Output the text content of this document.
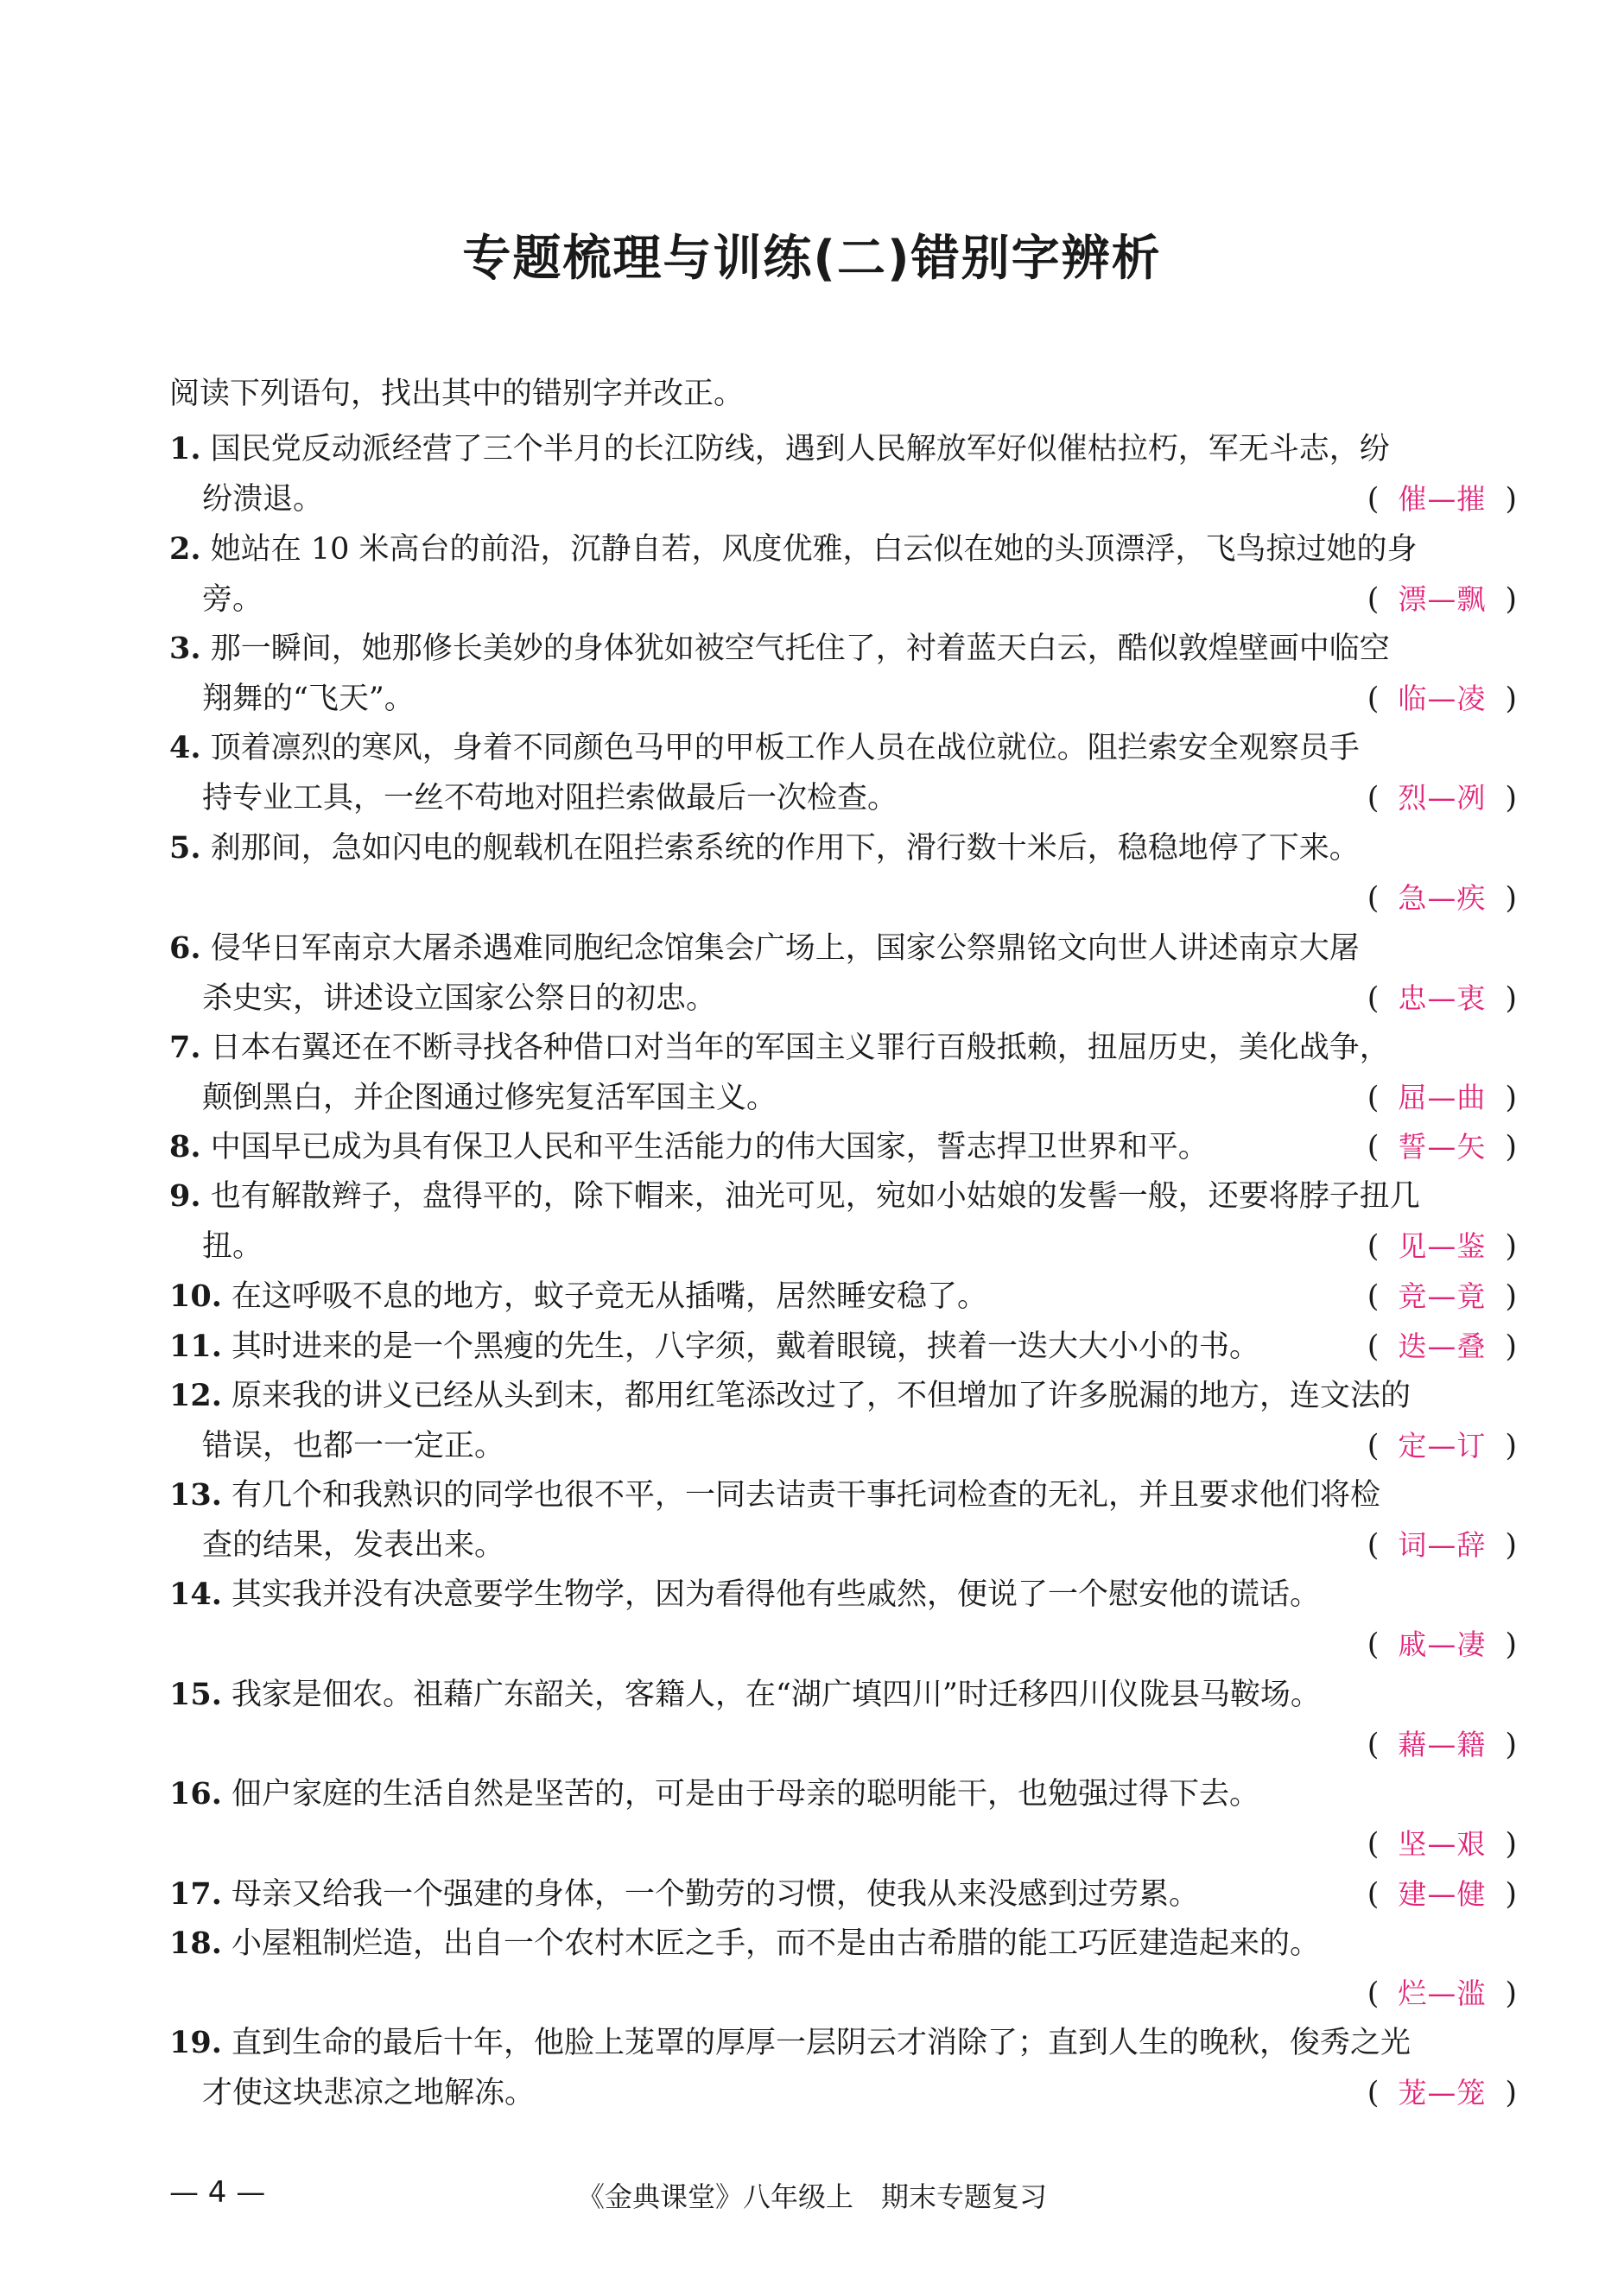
专题梳理与训练(二)错别字辨析
阅读下列语句，找出其中的错别字并改正。
1. 国民党反动派经营了三个半月的长江防线，遇到人民解放军好似催枯拉朽，军无斗志，纷
纷溃退。	( 催—摧 )
2. 她站在 10 米高台的前沿，沉静自若，风度优雅，白云似在她的头顶漂浮，飞鸟掠过她的身
旁。	( 漂—飘 )
3. 那一瞬间，她那修长美妙的身体犹如被空气托住了，衬着蓝天白云，酷似敦煌壁画中临空
翔舞的“飞天”。	( 临—凌 )
4. 顶着凛烈的寒风，身着不同颜色马甲的甲板工作人员在战位就位。阻拦索安全观察员手
持专业工具，一丝不苟地对阻拦索做最后一次检查。	( 烈—冽 )
5. 刹那间，急如闪电的舰载机在阻拦索系统的作用下，滑行数十米后，稳稳地停了下来。
( 急—疾 )
6. 侵华日军南京大屠杀遇难同胞纪念馆集会广场上，国家公祭鼎铭文向世人讲述南京大屠
杀史实，讲述设立国家公祭日的初忠。	( 忠—衷 )
7. 日本右翼还在不断寻找各种借口对当年的军国主义罪行百般抵赖，扭屈历史，美化战争，
颠倒黑白，并企图通过修宪复活军国主义。	( 屈—曲 )
8. 中国早已成为具有保卫人民和平生活能力的伟大国家，誓志捍卫世界和平。	( 誓—矢 )
9. 也有解散辫子，盘得平的，除下帽来，油光可见，宛如小姑娘的发髻一般，还要将脖子扭几
扭。	( 见—鉴 )
10. 在这呼吸不息的地方，蚊子竞无从插嘴，居然睡安稳了。	( 竞—竟 )
11. 其时进来的是一个黑瘦的先生，八字须，戴着眼镜，挟着一迭大大小小的书。	( 迭—叠 )
12. 原来我的讲义已经从头到末，都用红笔添改过了，不但增加了许多脱漏的地方，连文法的
错误，也都一一定正。	( 定—订 )
13. 有几个和我熟识的同学也很不平，一同去诘责干事托词检查的无礼，并且要求他们将检
查的结果，发表出来。	( 词—辞 )
14. 其实我并没有决意要学生物学，因为看得他有些戚然，便说了一个慰安他的谎话。
( 戚—凄 )
15. 我家是佃农。祖藉广东韶关，客籍人，在“湖广填四川”时迁移四川仪陇县马鞍场。
( 藉—籍 )
16. 佃户家庭的生活自然是坚苦的，可是由于母亲的聪明能干，也勉强过得下去。
( 坚—艰 )
17. 母亲又给我一个强建的身体，一个勤劳的习惯，使我从来没感到过劳累。	( 建—健 )
18. 小屋粗制烂造，出自一个农村木匠之手，而不是由古希腊的能工巧匠建造起来的。
( 烂—滥 )
19. 直到生命的最后十年，他脸上茏罩的厚厚一层阴云才消除了；直到人生的晚秋，俊秀之光
才使这块悲凉之地解冻。	( 茏—笼 )
— 4 —	《金典课堂》八年级上　期末专题复习
